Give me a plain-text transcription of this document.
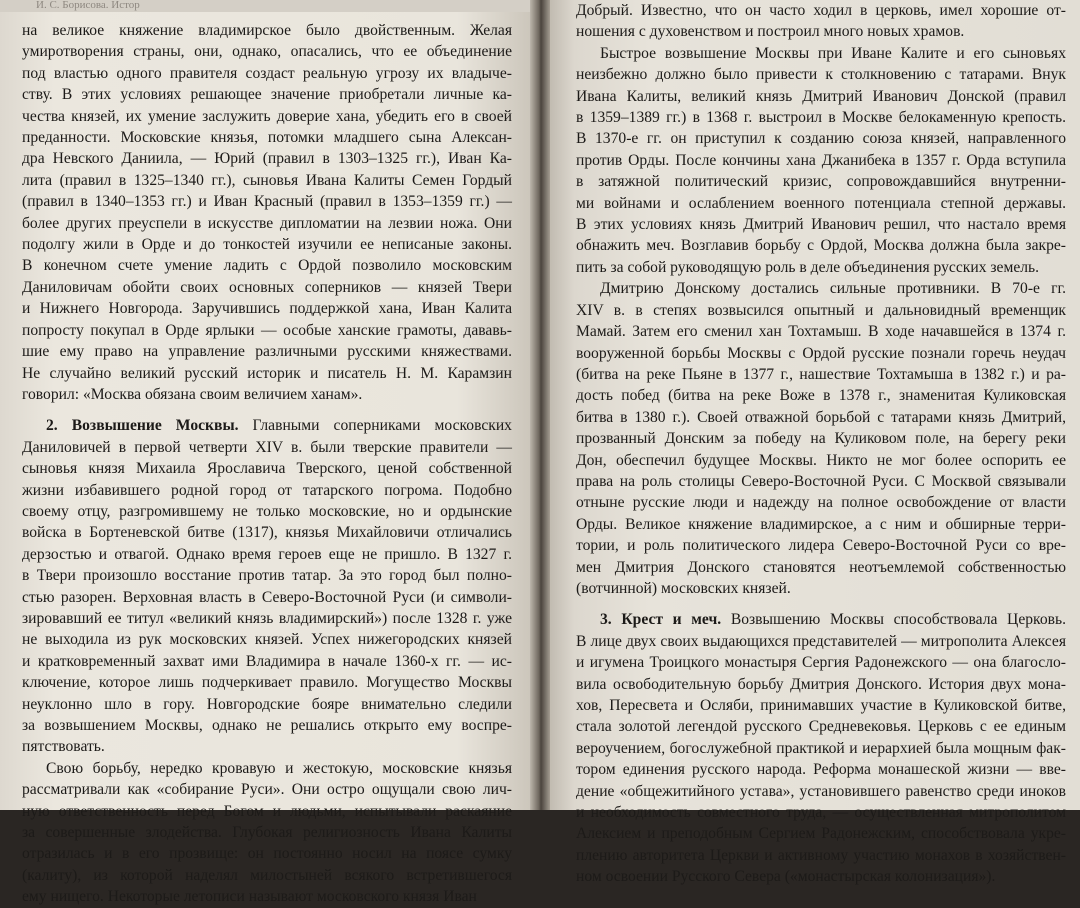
И. С. Борисова. Истор
на великое княжение владимирское было двойственным. Желая
умиротворения страны, они, однако, опасались, что ее объединение
под властью одного правителя создаст реальную угрозу их владыче-
ству. В этих условиях решающее значение приобретали личные ка-
чества князей, их умение заслужить доверие хана, убедить его в своей
преданности. Московские князья, потомки младшего сына Алексан-
дра Невского Даниила, — Юрий (правил в 1303–1325 гг.), Иван Ка-
лита (правил в 1325–1340 гг.), сыновья Ивана Калиты Семен Гордый
(правил в 1340–1353 гг.) и Иван Красный (правил в 1353–1359 гг.) —
более других преуспели в искусстве дипломатии на лезвии ножа. Они
подолгу жили в Орде и до тонкостей изучили ее неписаные законы.
В конечном счете умение ладить с Ордой позволило московским
Даниловичам обойти своих основных соперников — князей Твери
и Нижнего Новгорода. Заручившись поддержкой хана, Иван Калита
попросту покупал в Орде ярлыки — особые ханские грамоты, дававь-
шие ему право на управление различными русскими княжествами.
Не случайно великий русский историк и писатель Н. М. Карамзин
говорил: «Москва обязана своим величием ханам».
2. Возвышение Москвы. Главными соперниками московских
Даниловичей в первой четверти XIV в. были тверские правители —
сыновья князя Михаила Ярославича Тверского, ценой собственной
жизни избавившего родной город от татарского погрома. Подобно
своему отцу, разгромившему не только московские, но и ордынские
войска в Бортеневской битве (1317), князья Михайловичи отличались
дерзостью и отвагой. Однако время героев еще не пришло. В 1327 г.
в Твери произошло восстание против татар. За это город был полно-
стью разорен. Верховная власть в Северо-Восточной Руси (и символи-
зировавший ее титул «великий князь владимирский») после 1328 г. уже
не выходила из рук московских князей. Успех нижегородских князей
и кратковременный захват ими Владимира в начале 1360-х гг. — ис-
ключение, которое лишь подчеркивает правило. Могущество Москвы
неуклонно шло в гору. Новгородские бояре внимательно следили
за возвышением Москвы, однако не решались открыто ему воспре-
пятствовать.
Свою борьбу, нередко кровавую и жестокую, московские князья
рассматривали как «собирание Руси». Они остро ощущали свою лич-
ную ответственность перед Богом и людьми, испытывали раскаяние
за совершенные злодейства. Глубокая религиозность Ивана Калиты
отразилась и в его прозвище: он постоянно носил на поясе сумку
(калиту), из которой наделял милостыней всякого встретившегося
ему нищего. Некоторые летописи называют московского князя Иван
Добрый. Известно, что он часто ходил в церковь, имел хорошие от-
ношения с духовенством и построил много новых храмов.
Быстрое возвышение Москвы при Иване Калите и его сыновьях
неизбежно должно было привести к столкновению с татарами. Внук
Ивана Калиты, великий князь Дмитрий Иванович Донской (правил
в 1359–1389 гг.) в 1368 г. выстроил в Москве белокаменную крепость.
В 1370-е гг. он приступил к созданию союза князей, направленного
против Орды. После кончины хана Джанибека в 1357 г. Орда вступила
в затяжной политический кризис, сопровождавшийся внутренни-
ми войнами и ослаблением военного потенциала степной державы.
В этих условиях князь Дмитрий Иванович решил, что настало время
обнажить меч. Возглавив борьбу с Ордой, Москва должна была закре-
пить за собой руководящую роль в деле объединения русских земель.
Дмитрию Донскому достались сильные противники. В 70-е гг.
XIV в. в степях возвысился опытный и дальновидный временщик
Мамай. Затем его сменил хан Тохтамыш. В ходе начавшейся в 1374 г.
вооруженной борьбы Москвы с Ордой русские познали горечь неудач
(битва на реке Пьяне в 1377 г., нашествие Тохтамыша в 1382 г.) и ра-
дость побед (битва на реке Воже в 1378 г., знаменитая Куликовская
битва в 1380 г.). Своей отважной борьбой с татарами князь Дмитрий,
прозванный Донским за победу на Куликовом поле, на берегу реки
Дон, обеспечил будущее Москвы. Никто не мог более оспорить ее
права на роль столицы Северо-Восточной Руси. С Москвой связывали
отныне русские люди и надежду на полное освобождение от власти
Орды. Великое княжение владимирское, а с ним и обширные терри-
тории, и роль политического лидера Северо-Восточной Руси со вре-
мен Дмитрия Донского становятся неотъемлемой собственностью
(вотчинной) московских князей.
3. Крест и меч. Возвышению Москвы способствовала Церковь.
В лице двух своих выдающихся представителей — митрополита Алексея
и игумена Троицкого монастыря Сергия Радонежского — она благосло-
вила освободительную борьбу Дмитрия Донского. История двух мона-
хов, Пересвета и Осляби, принимавших участие в Куликовской битве,
стала золотой легендой русского Средневековья. Церковь с ее единым
вероучением, богослужебной практикой и иерархией была мощным фак-
тором единения русского народа. Реформа монашеской жизни — вве-
дение «общежитийного устава», установившего равенство среди иноков
и необходимость совместного труда, — осуществленная митрополитом
Алексием и преподобным Сергием Радонежским, способствовала укре-
плению авторитета Церкви и активному участию монахов в хозяйствен-
ном освоении Русского Севера («монастырская колонизация»).
